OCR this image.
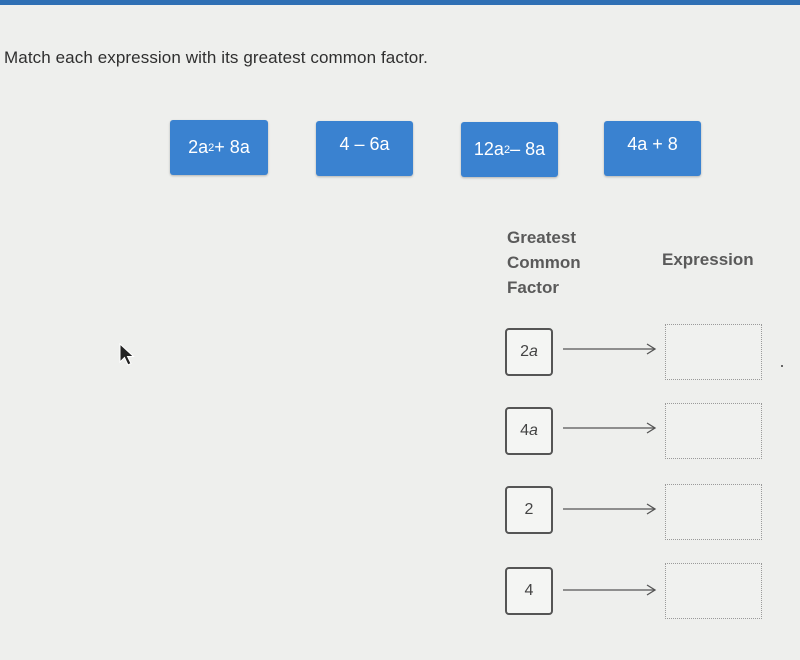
Match each expression with its greatest common factor.
2a 2 + 8a	4 – 6a	12a 2 – 8a	4a + 8
Greatest
Common
Factor
Expression
2 a
4 a
2
4
